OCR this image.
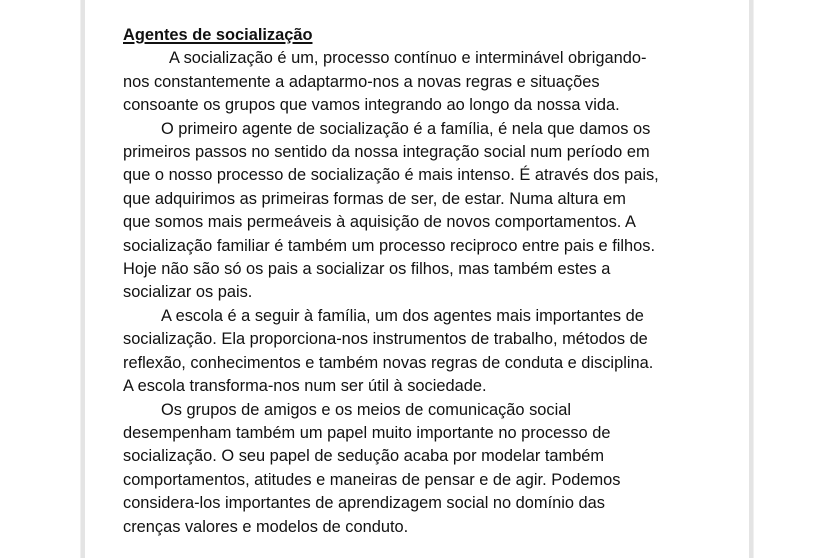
Agentes de socialização
A socialização é um, processo contínuo e interminável obrigando-
nos constantemente a adaptarmo-nos a novas regras e situações
consoante os grupos que vamos integrando ao longo da nossa vida.
O primeiro agente de socialização é a família, é nela que damos os
primeiros passos no sentido da nossa integração social num período em
que o nosso processo de socialização é mais intenso. É através dos pais,
que adquirimos as primeiras formas de ser, de estar. Numa altura em
que somos mais permeáveis à aquisição de novos comportamentos. A
socialização familiar é também um processo reciproco entre pais e filhos.
Hoje não são só os pais a socializar os filhos, mas também estes a
socializar os pais.
A escola é a seguir à família, um dos agentes mais importantes de
socialização. Ela proporciona-nos instrumentos de trabalho, métodos de
reflexão, conhecimentos e também novas regras de conduta e disciplina.
A escola transforma-nos num ser útil à sociedade.
Os grupos de amigos e os meios de comunicação social
desempenham também um papel muito importante no processo de
socialização. O seu papel de sedução acaba por modelar também
comportamentos, atitudes e maneiras de pensar e de agir. Podemos
considera-los importantes de aprendizagem social no domínio das
crenças valores e modelos de conduto.
